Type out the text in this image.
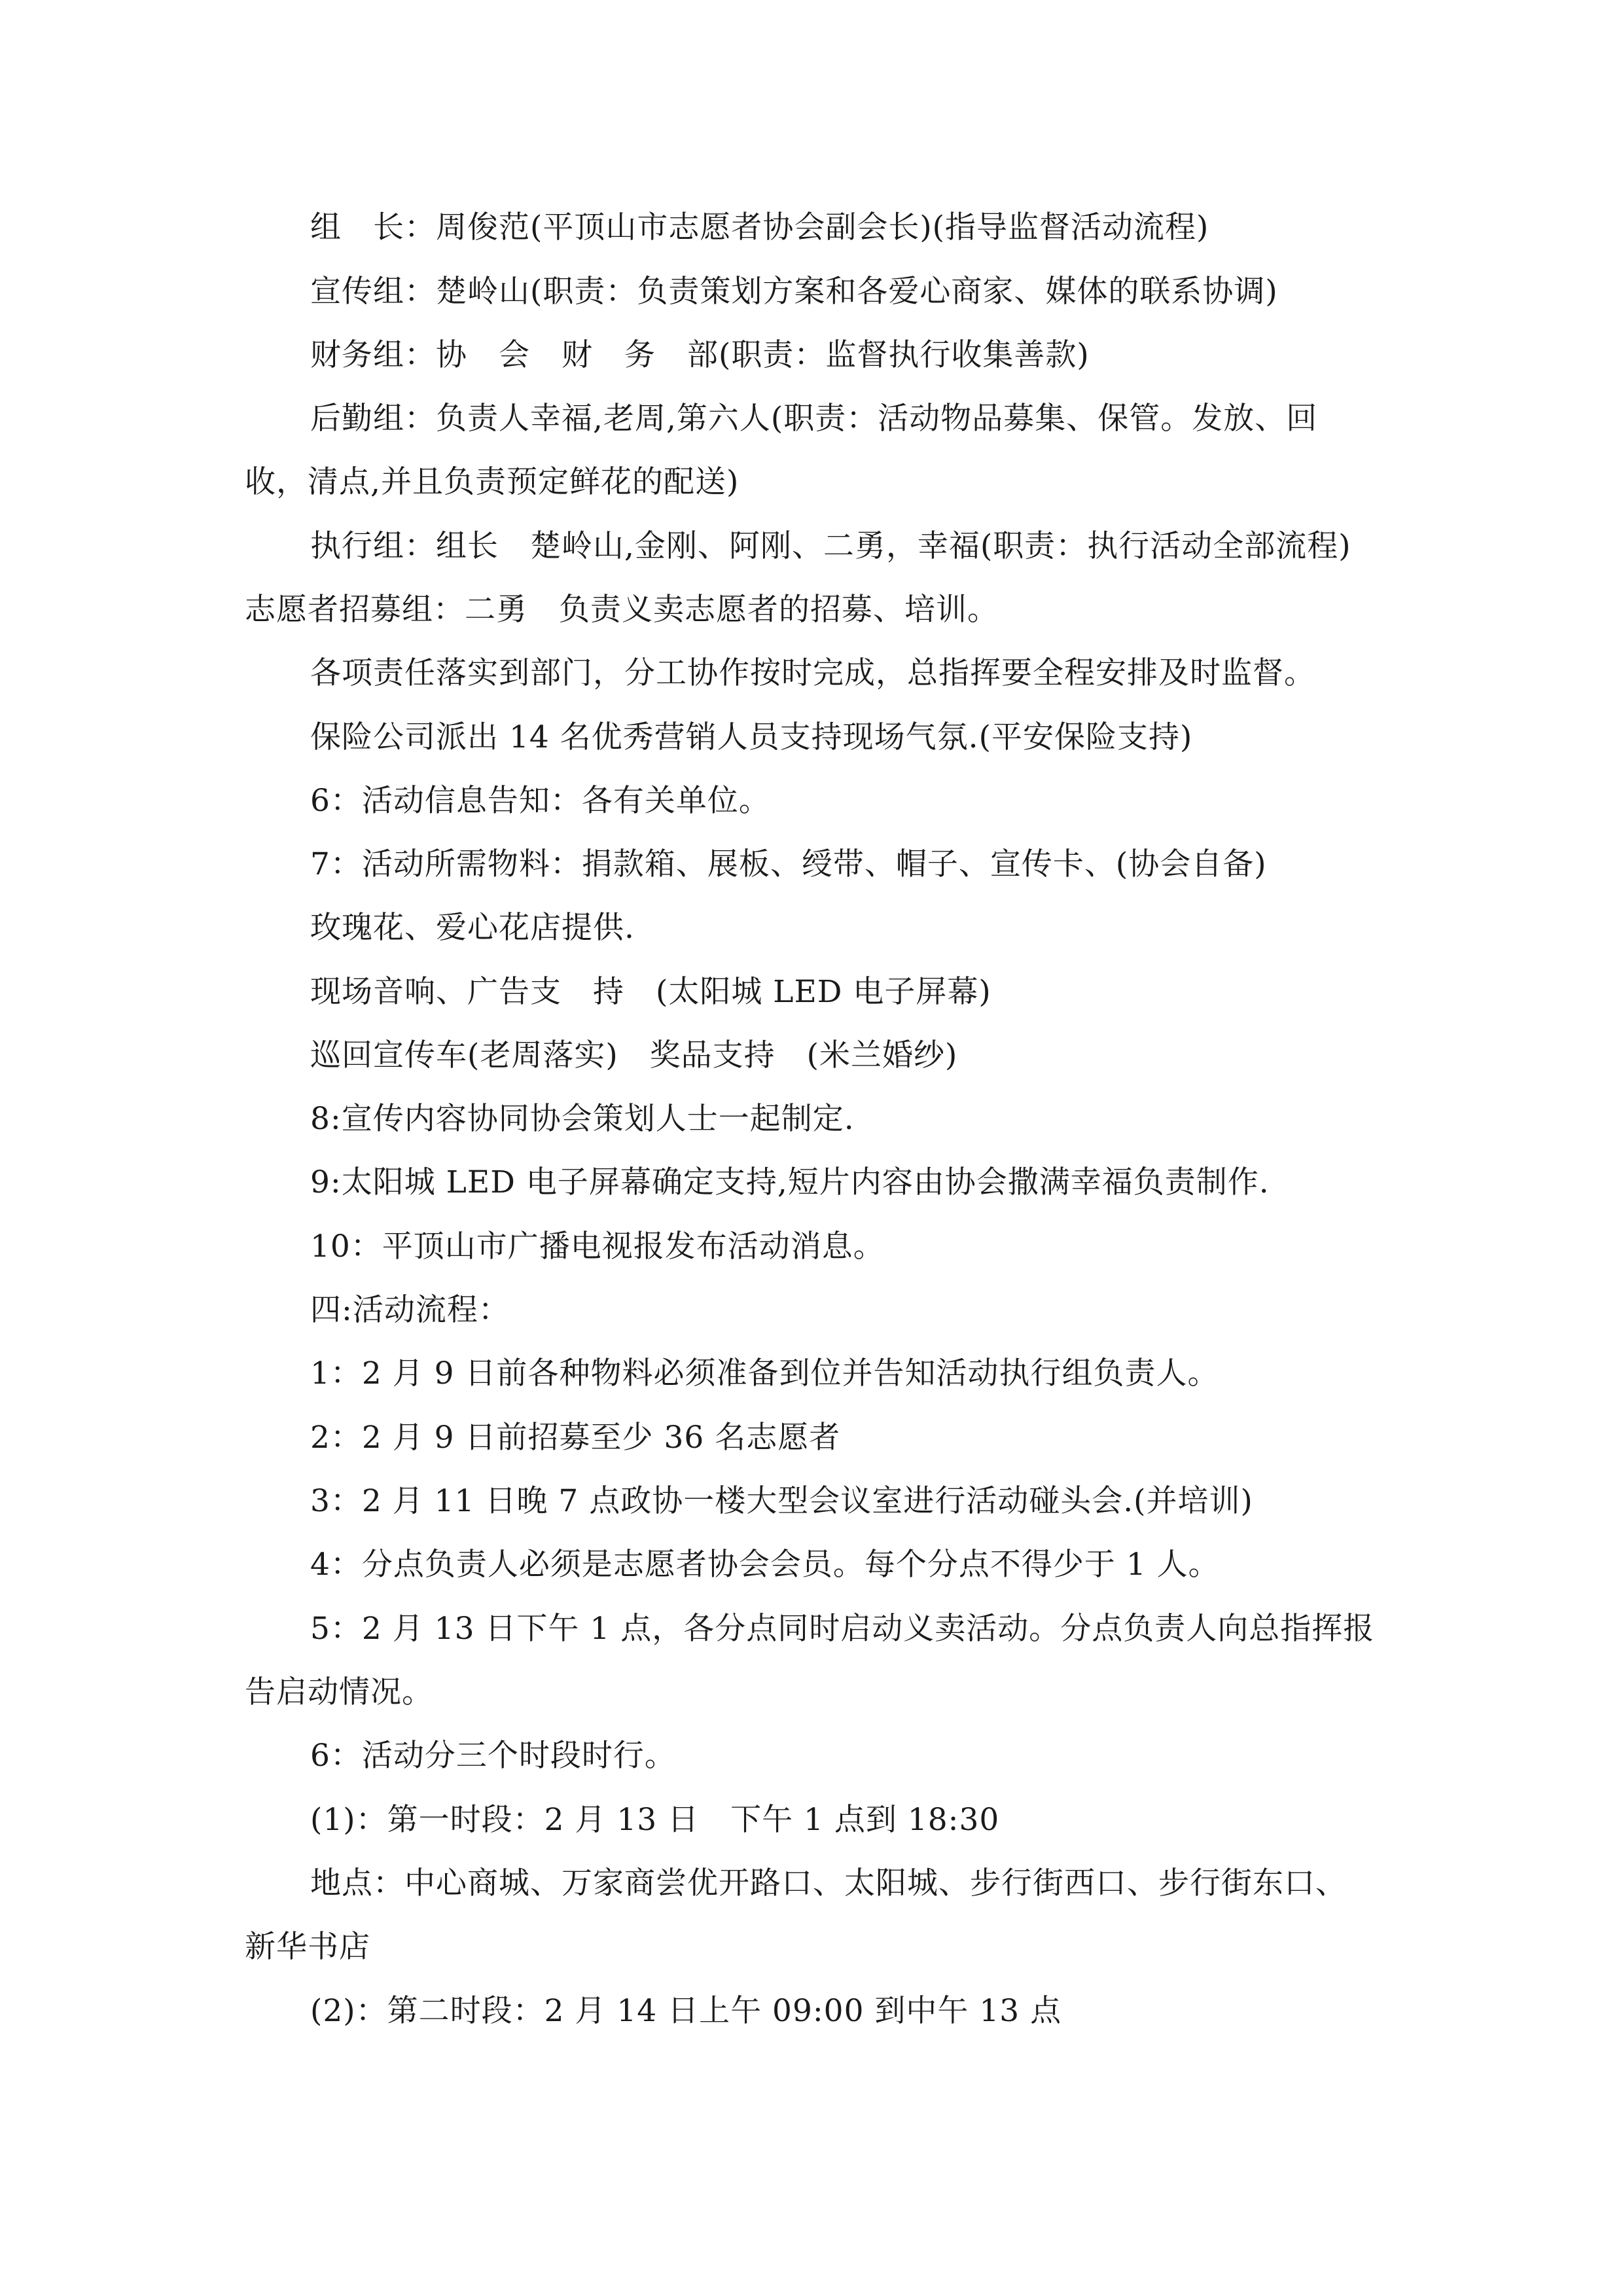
组　长：周俊范(平顶山市志愿者协会副会长)(指导监督活动流程)

宣传组：楚岭山(职责：负责策划方案和各爱心商家、媒体的联系协调)

财务组：协　会　财　务　部(职责：监督执行收集善款)

后勤组：负责人幸福,老周,第六人(职责：活动物品募集、保管。发放、回

收，清点,并且负责预定鲜花的配送)

执行组：组长　楚岭山,金刚、阿刚、二勇，幸福(职责：执行活动全部流程)

志愿者招募组：二勇　负责义卖志愿者的招募、培训。

各项责任落实到部门，分工协作按时完成，总指挥要全程安排及时监督。

保险公司派出 14 名优秀营销人员支持现场气氛.(平安保险支持)

6：活动信息告知：各有关单位。

7：活动所需物料：捐款箱、展板、绶带、帽子、宣传卡、(协会自备)

玫瑰花、爱心花店提供.

现场音响、广告支　持　(太阳城 LED 电子屏幕)

巡回宣传车(老周落实)　奖品支持　(米兰婚纱)

8:宣传内容协同协会策划人士一起制定.

9:太阳城 LED 电子屏幕确定支持,短片内容由协会撒满幸福负责制作.

10：平顶山市广播电视报发布活动消息。

四:活动流程：

1：2 月 9 日前各种物料必须准备到位并告知活动执行组负责人。

2：2 月 9 日前招募至少 36 名志愿者

3：2 月 11 日晚 7 点政协一楼大型会议室进行活动碰头会.(并培训)

4：分点负责人必须是志愿者协会会员。每个分点不得少于 1 人。

5：2 月 13 日下午 1 点，各分点同时启动义卖活动。分点负责人向总指挥报

告启动情况。

6：活动分三个时段时行。

(1)：第一时段：2 月 13 日　下午 1 点到 18:30

地点：中心商城、万家商尝优开路口、太阳城、步行街西口、步行街东口、

新华书店

(2)：第二时段：2 月 14 日上午 09:00 到中午 13 点
